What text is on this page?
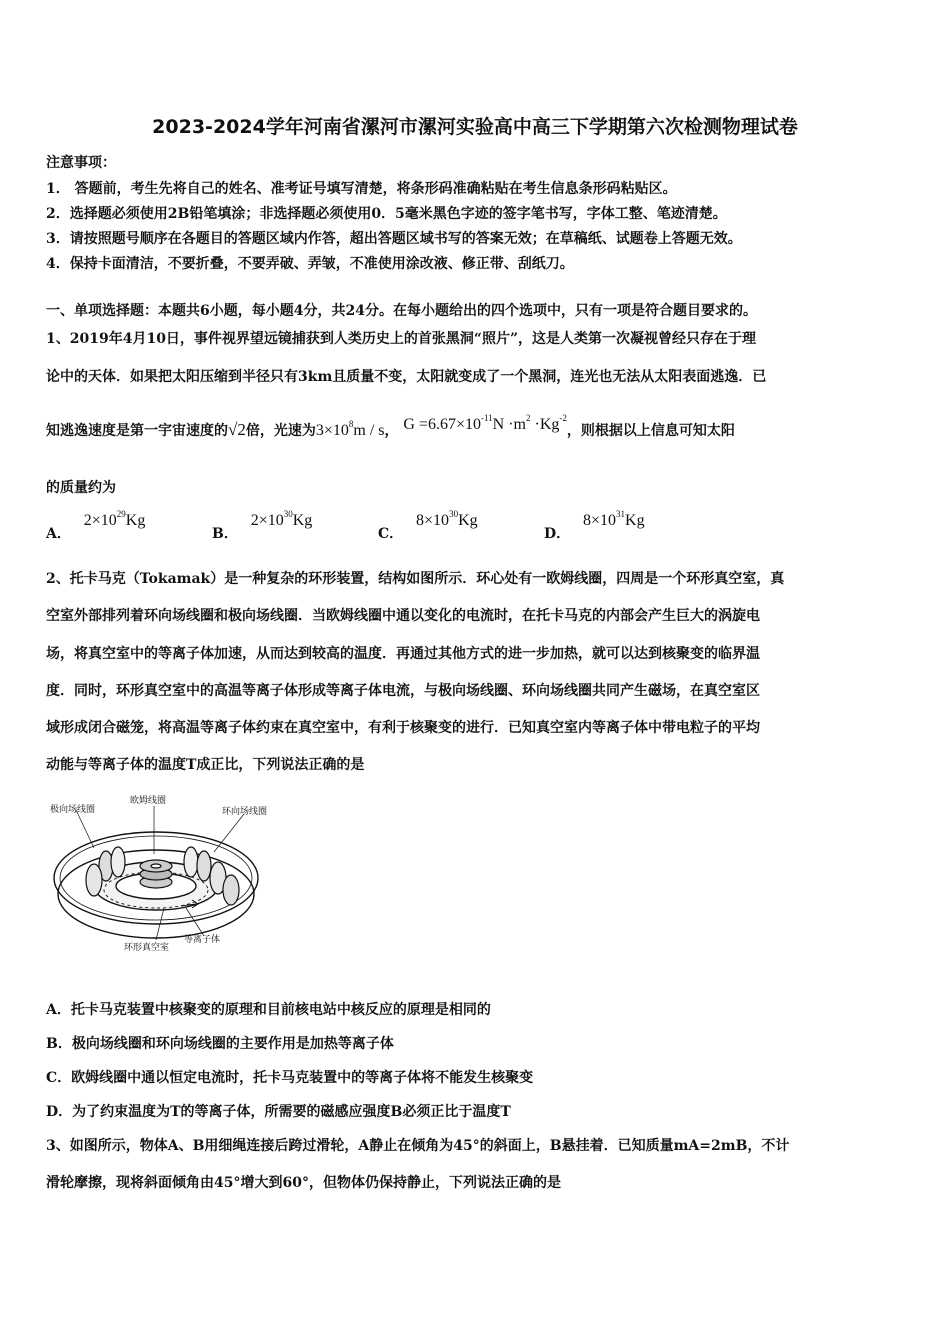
2023-2024学年河南省漯河市漯河实验高中高三下学期第六次检测物理试卷
注意事项：
1． 答题前，考生先将自己的姓名、准考证号填写清楚，将条形码准确粘贴在考生信息条形码粘贴区。
2．选择题必须使用2B铅笔填涂；非选择题必须使用0．5毫米黑色字迹的签字笔书写，字体工整、笔迹清楚。
3．请按照题号顺序在各题目的答题区域内作答，超出答题区域书写的答案无效；在草稿纸、试题卷上答题无效。
4．保持卡面清洁，不要折叠，不要弄破、弄皱，不准使用涂改液、修正带、刮纸刀。
一、单项选择题：本题共6小题，每小题4分，共24分。在每小题给出的四个选项中，只有一项是符合题目要求的。
1、2019年4月10日，事件视界望远镜捕获到人类历史上的首张黑洞“照片”，这是人类第一次凝视曾经只存在于理
论中的天体．如果把太阳压缩到半径只有3km且质量不变，太阳就变成了一个黑洞，连光也无法从太阳表面逃逸．已
知逃逸速度是第一宇宙速度的√2倍，光速为$3\times 10^8m / s$， $G =6.67\times 10^{-11}N \cdot m^2 \cdot Kg^{-2}$，则根据以上信息可知太阳
的质量约为
A． $2\times 10^{29}Kg$
B． $2\times 10^{30}Kg$
C． $8\times 10^{30}Kg$
D． $8\times 10^{31}Kg$
2、托卡马克（Tokamak）是一种复杂的环形装置，结构如图所示．环心处有一欧姆线圈，四周是一个环形真空室，真
空室外部排列着环向场线圈和极向场线圈．当欧姆线圈中通以变化的电流时，在托卡马克的内部会产生巨大的涡旋电
场，将真空室中的等离子体加速，从而达到较高的温度．再通过其他方式的进一步加热，就可以达到核聚变的临界温
度．同时，环形真空室中的高温等离子体形成等离子体电流，与极向场线圈、环向场线圈共同产生磁场，在真空室区
域形成闭合磁笼，将高温等离子体约束在真空室中，有利于核聚变的进行．已知真空室内等离子体中带电粒子的平均
动能与等离子体的温度T成正比，下列说法正确的是
极向场线圈
欧姆线圈
环向场线圈
环形真空室
等离子体
A．托卡马克装置中核聚变的原理和目前核电站中核反应的原理是相同的
B．极向场线圈和环向场线圈的主要作用是加热等离子体
C．欧姆线圈中通以恒定电流时，托卡马克装置中的等离子体将不能发生核聚变
D．为了约束温度为T的等离子体，所需要的磁感应强度B必须正比于温度T
3、如图所示，物体A、B用细绳连接后跨过滑轮，A静止在倾角为45°的斜面上，B悬挂着．已知质量mA=2mB，不计
滑轮摩擦，现将斜面倾角由45°增大到60°，但物体仍保持静止，下列说法正确的是
